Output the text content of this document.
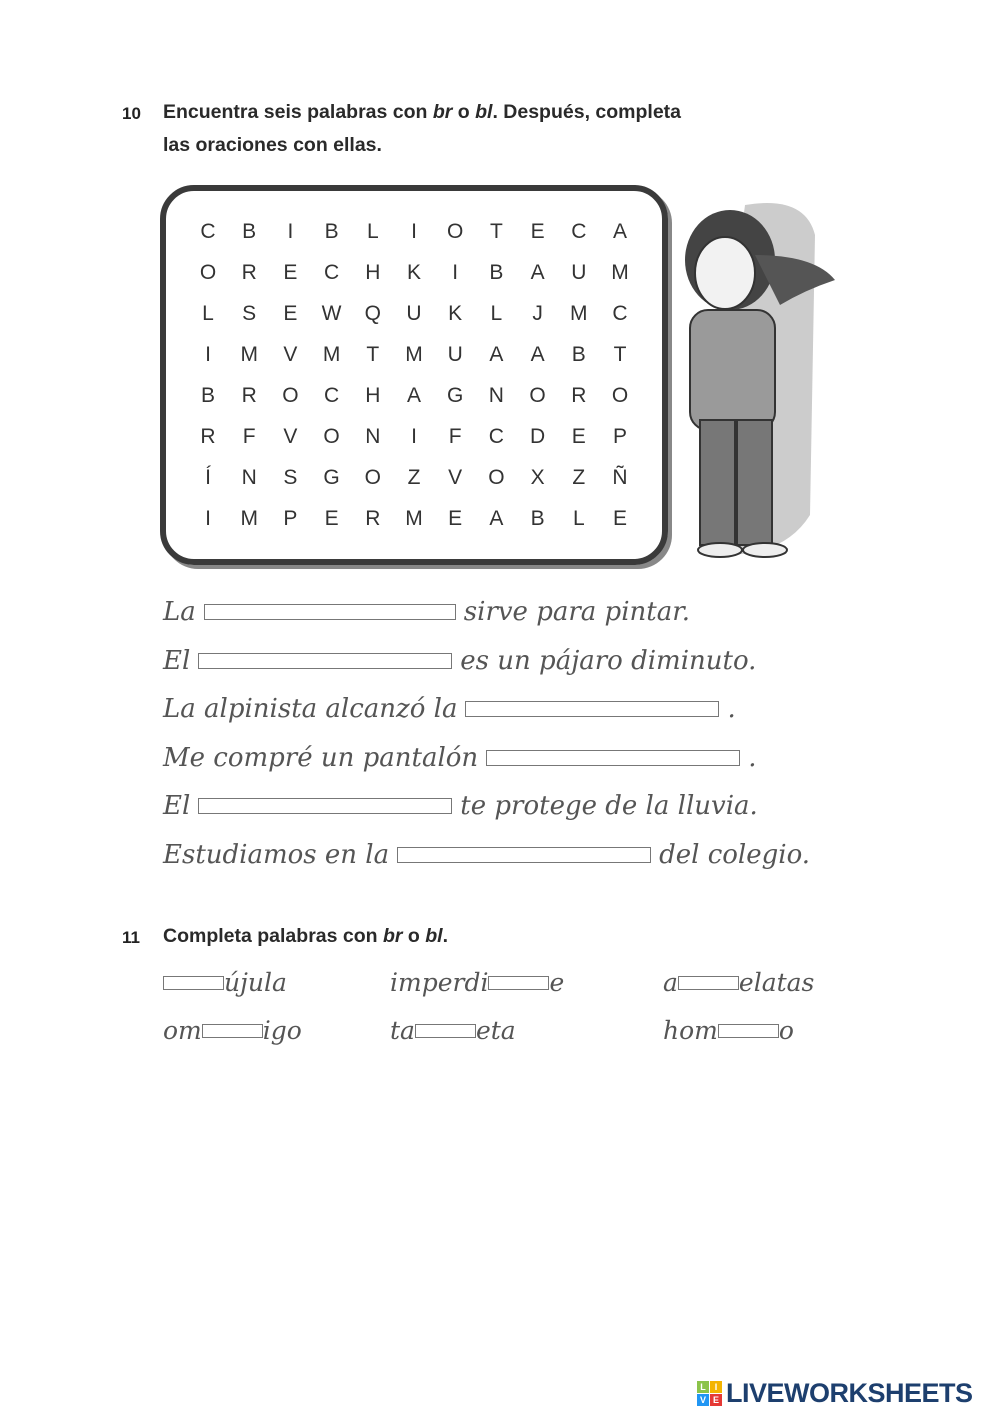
10 Encuentra seis palabras con br o bl. Después, completa
las oraciones con ellas.
C	B	I	B	L	I	O	T	E	C	A
O	R	E	C	H	K	I	B	A	U	M
L	S	E	W	Q	U	K	L	J	M	C
I	M	V	M	T	M	U	A	A	B	T
B	R	O	C	H	A	G	N	O	R	O
R	F	V	O	N	I	F	C	D	E	P
Í	N	S	G	O	Z	V	O	X	Z	Ñ
I	M	P	E	R	M	E	A	B	L	E
La	sirve para pintar.
El	es un pájaro diminuto.
La alpinista alcanzó la	.
Me compré un pantalón	.
El	te protege de la lluvia.
Estudiamos en la	del colegio.
11 Completa palabras con br o bl.
újula	imperdi e	a elatas
om igo	ta eta	hom o
L I
V E LIVEWORKSHEETS
